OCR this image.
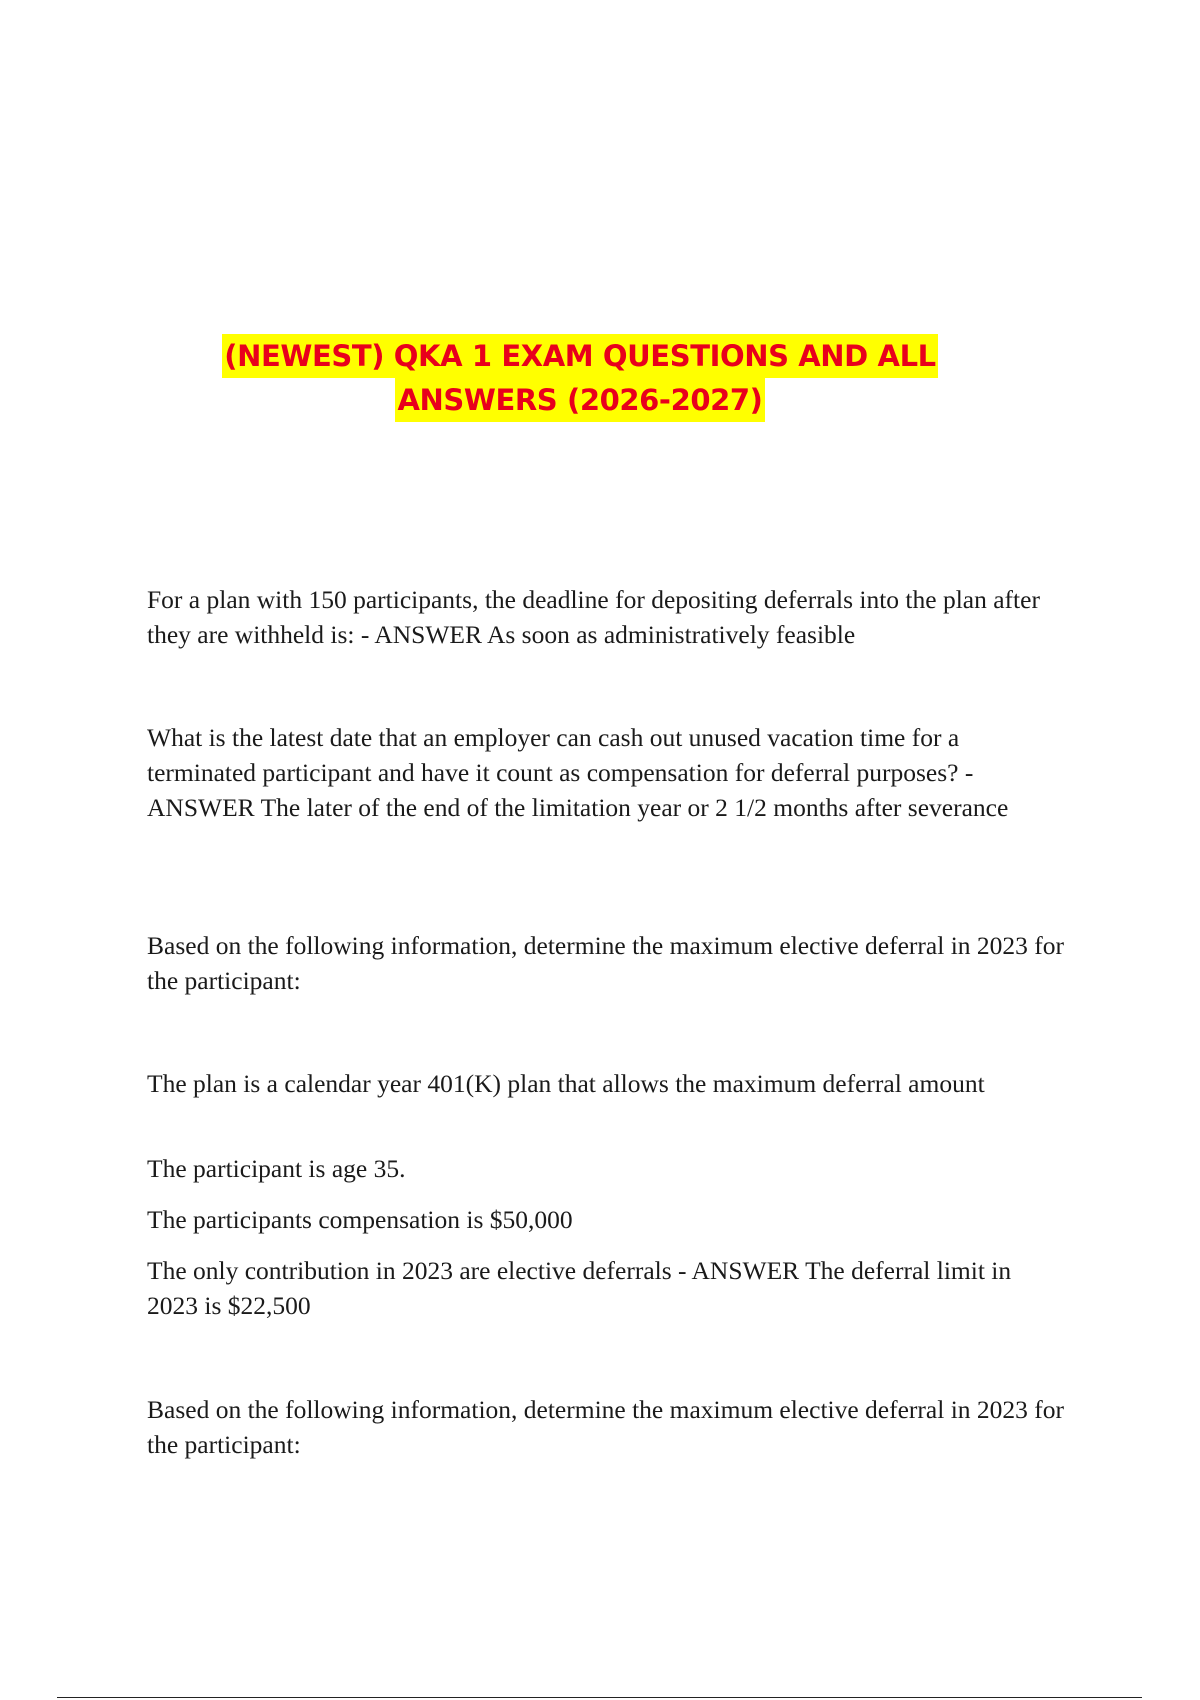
(NEWEST) QKA 1 EXAM QUESTIONS AND ALL
ANSWERS (2026-2027)

For a plan with 150 participants, the deadline for depositing deferrals into the plan after they are withheld is: - ANSWER As soon as administratively feasible

What is the latest date that an employer can cash out unused vacation time for a terminated participant and have it count as compensation for deferral purposes? - ANSWER The later of the end of the limitation year or 2 1/2 months after severance

Based on the following information, determine the maximum elective deferral in 2023 for the participant:

The plan is a calendar year 401(K) plan that allows the maximum deferral amount

The participant is age 35.

The participants compensation is $50,000

The only contribution in 2023 are elective deferrals - ANSWER The deferral limit in 2023 is $22,500

Based on the following information, determine the maximum elective deferral in 2023 for the participant:
